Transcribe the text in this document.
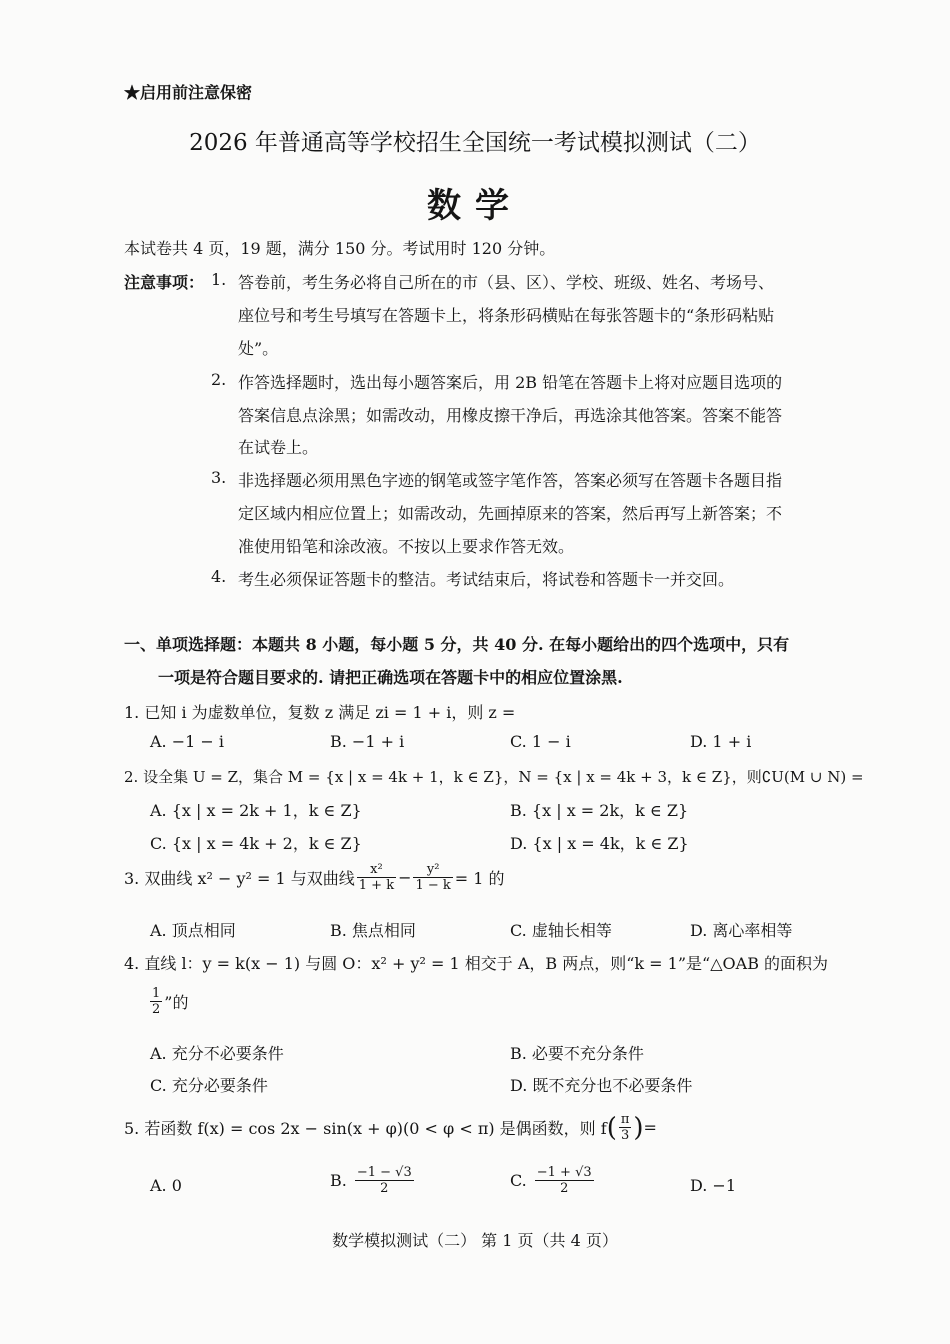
★启用前注意保密
2026 年普通高等学校招生全国统一考试模拟测试（二）
数学
本试卷共 4 页，19 题，满分 150 分。考试用时 120 分钟。
注意事项： 1. 答卷前，考生务必将自己所在的市（县、区）、学校、班级、姓名、考场号、
座位号和考生号填写在答题卡上，将条形码横贴在每张答题卡的“条形码粘贴
处”。
2. 作答选择题时，选出每小题答案后，用 2B 铅笔在答题卡上将对应题目选项的
答案信息点涂黑；如需改动，用橡皮擦干净后，再选涂其他答案。答案不能答
在试卷上。
3. 非选择题必须用黑色字迹的钢笔或签字笔作答，答案必须写在答题卡各题目指
定区域内相应位置上；如需改动，先画掉原来的答案，然后再写上新答案；不
准使用铅笔和涂改液。不按以上要求作答无效。
4. 考生必须保证答题卡的整洁。考试结束后，将试卷和答题卡一并交回。
一、单项选择题：本题共 8 小题，每小题 5 分，共 40 分. 在每小题给出的四个选项中，只有
一项是符合题目要求的. 请把正确选项在答题卡中的相应位置涂黑.
1. 已知 i 为虚数单位，复数 z 满足 zi = 1 + i，则 z =
A. −1 − i	B. −1 + i	C. 1 − i	D. 1 + i
2. 设全集 U = Z，集合 M = {x | x = 4k + 1，k ∈ Z}，N = {x | x = 4k + 3，k ∈ Z}，则∁U(M ∪ N) =
A. {x | x = 2k + 1，k ∈ Z}	B. {x | x = 2k，k ∈ Z}
C. {x | x = 4k + 2，k ∈ Z}	D. {x | x = 4k，k ∈ Z}
3. 双曲线 x² − y² = 1 与双曲线 $\frac{\text{x²}}{1 + k} - \frac{\text{y²}}{1 - k} = 1$ 的
A. 顶点相同	B. 焦点相同	C. 虚轴长相等	D. 离心率相等
4. 直线 l：y = k(x − 1) 与圆 O：x² + y² = 1 相交于 A，B 两点，则“k = 1”是“△OAB 的面积为
$\frac{1}{2}$ ”的
A. 充分不必要条件	B. 必要不充分条件
C. 充分必要条件	D. 既不充分也不必要条件
5. 若函数 f(x) = cos 2x − sin(x + φ)(0 < φ < π) 是偶函数，则 f ( $\frac{\pi}{3}$ ) =
A. 0	B. $\frac{-1 - √3}{2}$	C. $\frac{-1 + √3}{2}$	D. −1
数学模拟测试（二） 第 1 页（共 4 页）
